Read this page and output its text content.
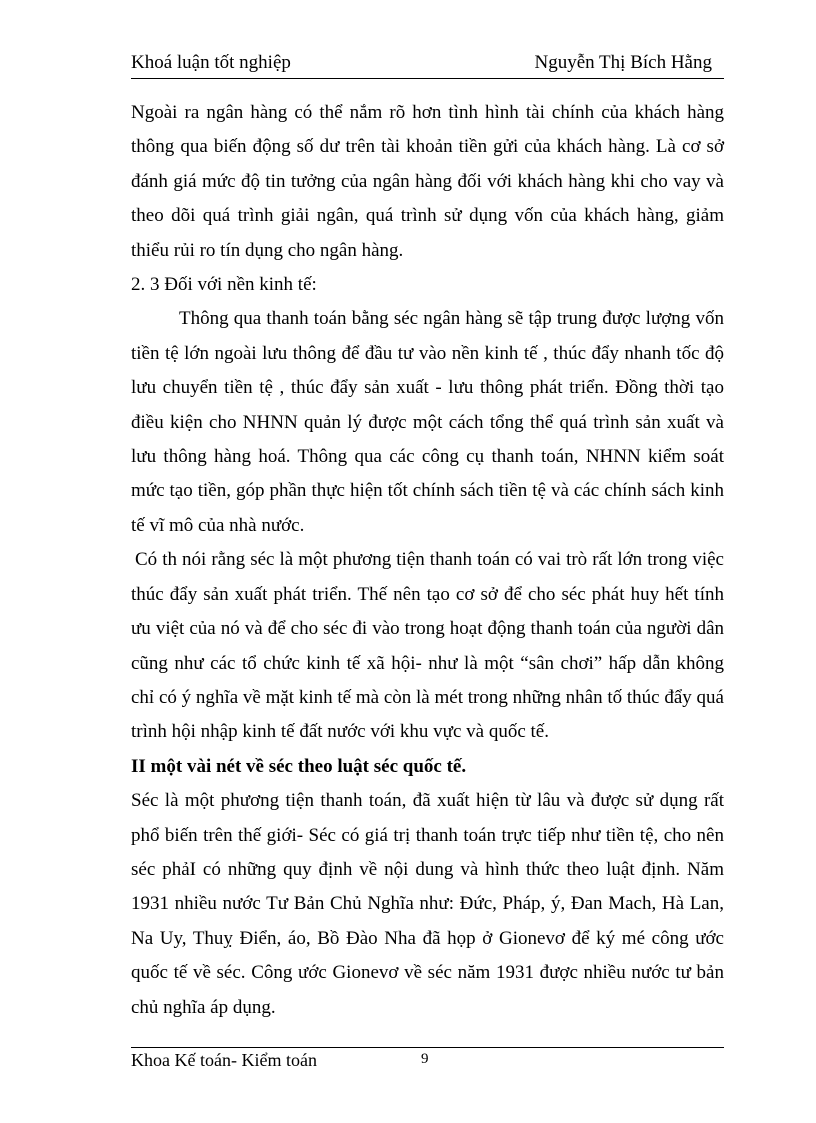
Khoá luận tốt nghiệp	Nguyễn Thị Bích Hằng

Ngoài ra ngân hàng có thể nắm rõ hơn tình hình tài chính của khách hàng thông qua biến động số dư trên tài khoản tiền gửi của khách hàng. Là cơ sở đánh giá mức độ tin tưởng của ngân hàng đối với khách hàng khi cho vay và theo dõi quá trình giải ngân, quá trình sử dụng vốn của khách hàng, giảm thiểu rủi ro tín dụng cho ngân hàng.

2. 3 Đối với nền kinh tế:

Thông qua thanh toán bằng séc ngân hàng sẽ tập trung được lượng vốn tiền tệ lớn ngoài lưu thông để đầu tư vào nền kinh tế , thúc đẩy nhanh tốc độ lưu chuyển tiền tệ , thúc đẩy sản xuất - lưu thông phát triển. Đồng thời tạo điều kiện cho NHNN quản lý được một cách tổng thể quá trình sản xuất và lưu thông hàng hoá. Thông qua các công cụ thanh toán, NHNN kiểm soát mức tạo tiền, góp phần thực hiện tốt chính sách tiền tệ và các chính sách kinh tế vĩ mô của nhà nước.

Có th nói rằng séc là một phương tiện thanh toán có vai trò rất lớn trong việc thúc đẩy sản xuất phát triển. Thế nên tạo cơ sở để cho séc phát huy hết tính ưu việt của nó và để cho séc đi vào trong hoạt động thanh toán của người dân cũng như các tổ chức kinh tế xã hội- như là một “sân chơi” hấp dẫn không chỉ có ý nghĩa về mặt kinh tế mà còn là mét trong những nhân tố thúc đẩy quá trình hội nhập kinh tế đất nước với khu vực và quốc tế.

II một vài nét về séc theo luật séc quốc tế.

Séc là một phương tiện thanh toán, đã xuất hiện từ lâu và được sử dụng rất phổ biến trên thế giới- Séc có giá trị thanh toán trực tiếp như tiền tệ, cho nên séc phảI có những quy định về nội dung và hình thức theo luật định. Năm 1931 nhiều nước Tư Bản Chủ Nghĩa như: Đức, Pháp, ý, Đan Mach, Hà Lan, Na Uy, Thuỵ Điển, áo, Bồ Đào Nha đã họp ở Gionevơ để ký mé công ước quốc tế về séc. Công ước Gionevơ về séc năm 1931 được nhiều nước tư bản chủ nghĩa áp dụng.

Khoa Kế toán- Kiểm toán	9
